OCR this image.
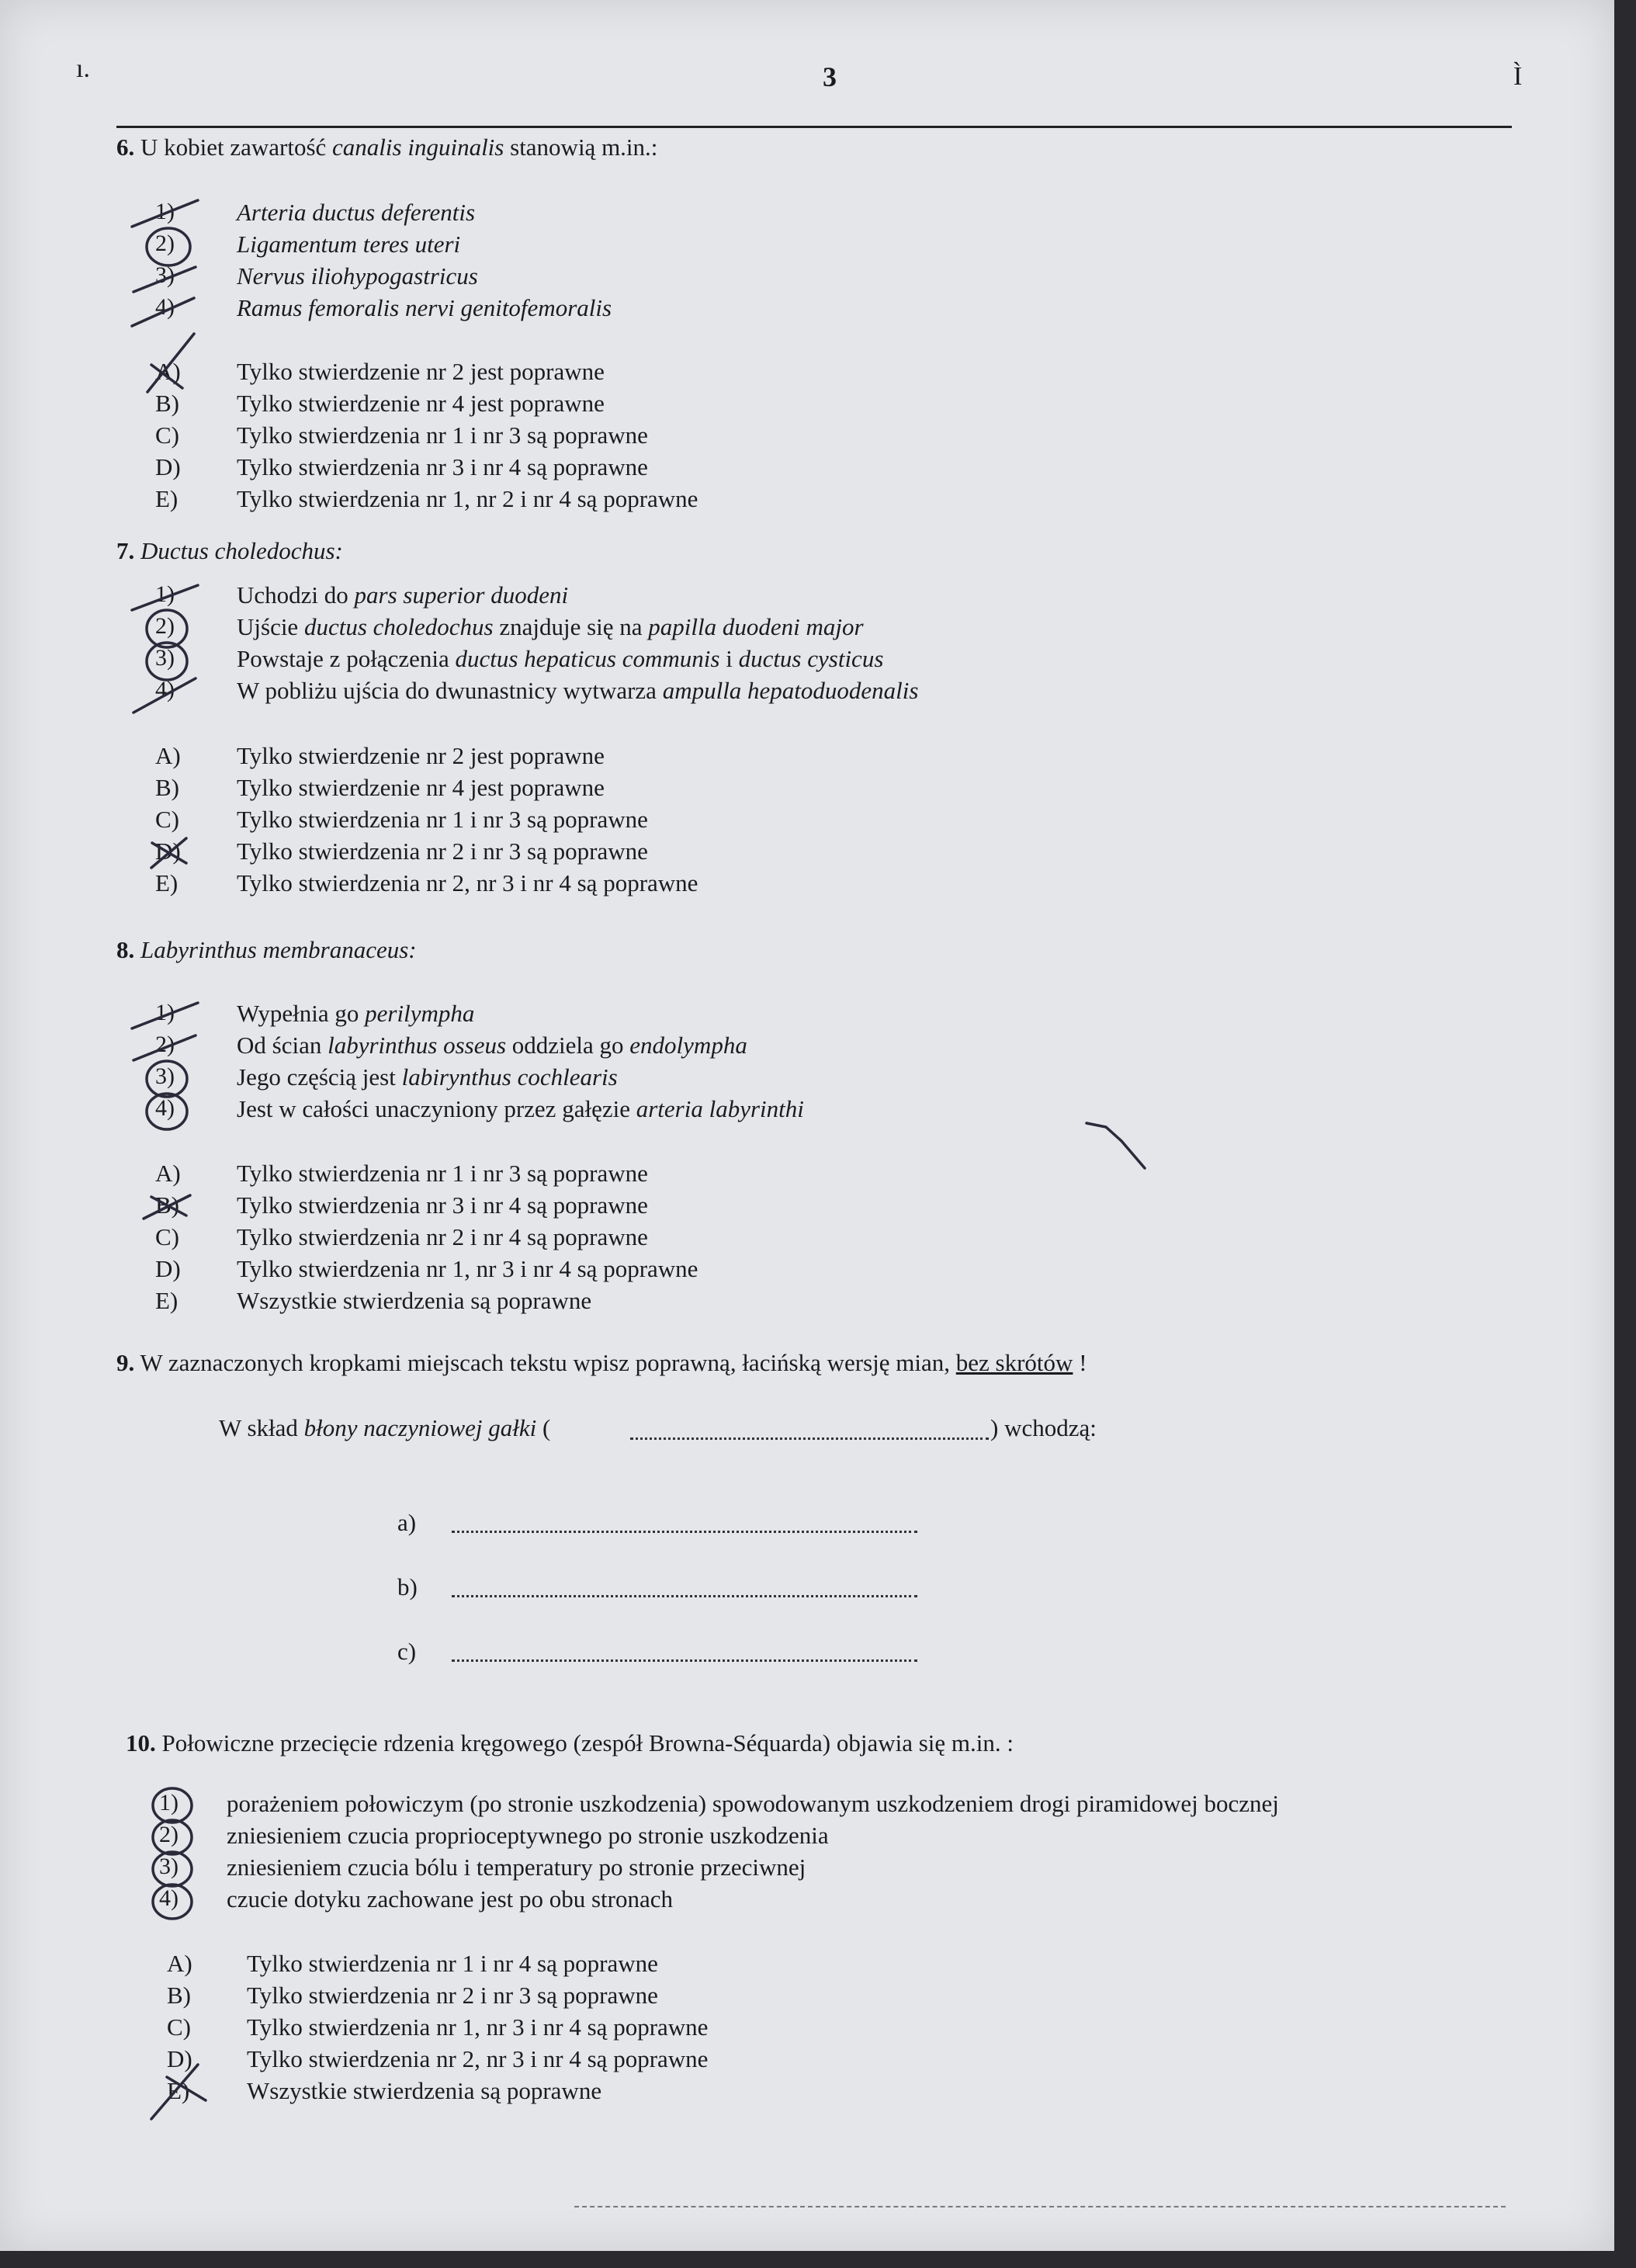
ı.	3	Ì
6. U kobiet zawartość canalis inguinalis stanowią m.in.:
1)	Arteria ductus deferentis
2)	Ligamentum teres uteri
3)	Nervus iliohypogastricus
4)	Ramus femoralis nervi genitofemoralis
A) Tylko stwierdzenie nr 2 jest poprawne
B) Tylko stwierdzenie nr 4 jest poprawne
C) Tylko stwierdzenia nr 1 i nr 3 są poprawne
D) Tylko stwierdzenia nr 3 i nr 4 są poprawne
E) Tylko stwierdzenia nr 1, nr 2 i nr 4 są poprawne
7. Ductus choledochus:
1)	Uchodzi do pars superior duodeni
2)	Ujście ductus choledochus znajduje się na papilla duodeni major
3)	Powstaje z połączenia ductus hepaticus communis i ductus cysticus
4)	W pobliżu ujścia do dwunastnicy wytwarza ampulla hepatoduodenalis
A) Tylko stwierdzenie nr 2 jest poprawne
B) Tylko stwierdzenie nr 4 jest poprawne
C) Tylko stwierdzenia nr 1 i nr 3 są poprawne
D) Tylko stwierdzenia nr 2 i nr 3 są poprawne
E) Tylko stwierdzenia nr 2, nr 3 i nr 4 są poprawne
8. Labyrinthus membranaceus:
1)	Wypełnia go perilympha
2)	Od ścian labyrinthus osseus oddziela go endolympha
3)	Jego częścią jest labirynthus cochlearis
4)	Jest w całości unaczyniony przez gałęzie arteria labyrinthi
A) Tylko stwierdzenia nr 1 i nr 3 są poprawne
B) Tylko stwierdzenia nr 3 i nr 4 są poprawne
C) Tylko stwierdzenia nr 2 i nr 4 są poprawne
D) Tylko stwierdzenia nr 1, nr 3 i nr 4 są poprawne
E) Wszystkie stwierdzenia są poprawne
9. W zaznaczonych kropkami miejscach tekstu wpisz poprawną, łacińską wersję mian, bez skrótów !
W skład błony naczyniowej gałki (	) wchodzą:
a)
b)
c)
10. Połowiczne przecięcie rdzenia kręgowego (zespół Browna-Séquarda) objawia się m.in. :
1) porażeniem połowiczym (po stronie uszkodzenia) spowodowanym uszkodzeniem drogi piramidowej bocznej
2) zniesieniem czucia proprioceptywnego po stronie uszkodzenia
3) zniesieniem czucia bólu i temperatury po stronie przeciwnej
4) czucie dotyku zachowane jest po obu stronach
A) Tylko stwierdzenia nr 1 i nr 4 są poprawne
B) Tylko stwierdzenia nr 2 i nr 3 są poprawne
C) Tylko stwierdzenia nr 1, nr 3 i nr 4 są poprawne
D) Tylko stwierdzenia nr 2, nr 3 i nr 4 są poprawne
E) Wszystkie stwierdzenia są poprawne
